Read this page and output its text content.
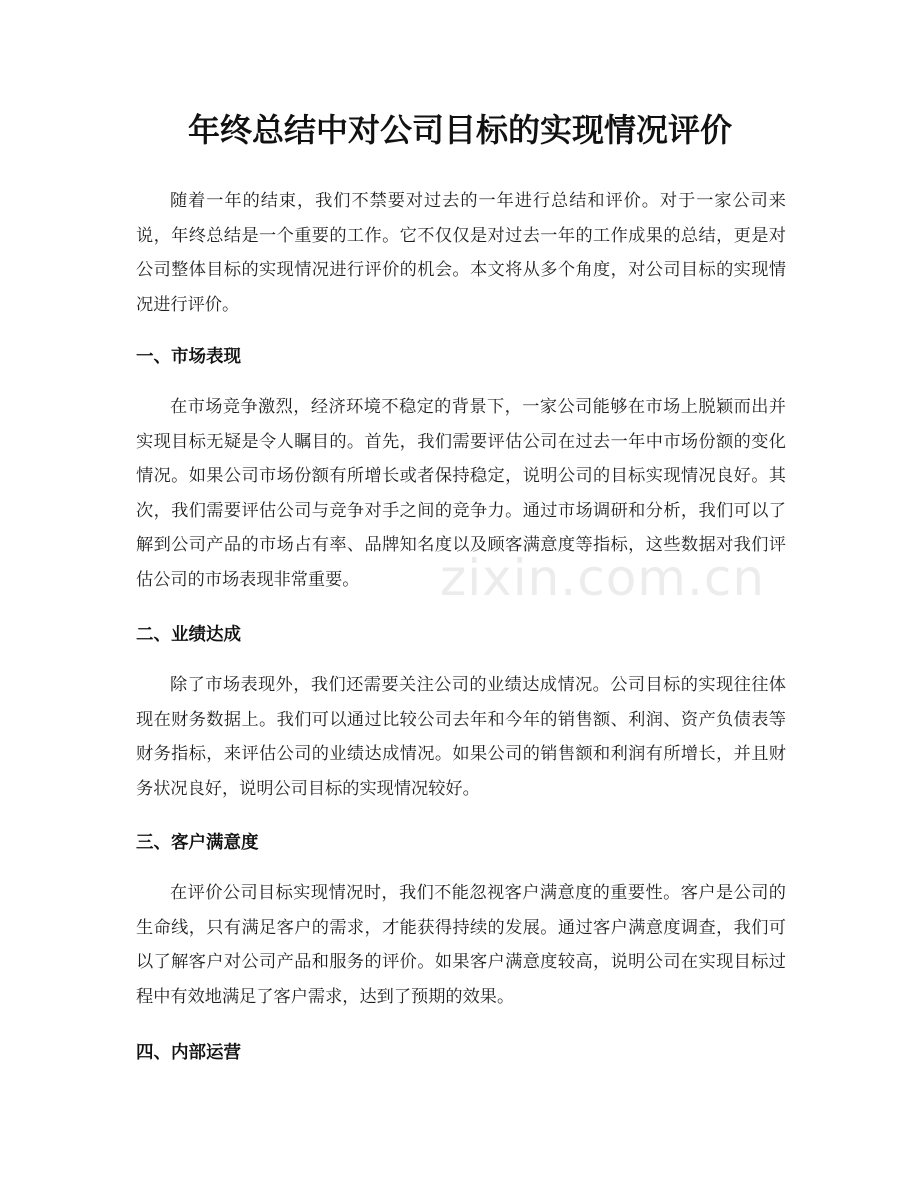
年终总结中对公司目标的实现情况评价

随着一年的结束，我们不禁要对过去的一年进行总结和评价。对于一家公司来说，年终总结是一个重要的工作。它不仅仅是对过去一年的工作成果的总结，更是对公司整体目标的实现情况进行评价的机会。本文将从多个角度，对公司目标的实现情况进行评价。

一、市场表现

在市场竞争激烈，经济环境不稳定的背景下，一家公司能够在市场上脱颖而出并实现目标无疑是令人瞩目的。首先，我们需要评估公司在过去一年中市场份额的变化情况。如果公司市场份额有所增长或者保持稳定，说明公司的目标实现情况良好。其次，我们需要评估公司与竞争对手之间的竞争力。通过市场调研和分析，我们可以了解到公司产品的市场占有率、品牌知名度以及顾客满意度等指标，这些数据对我们评估公司的市场表现非常重要。

二、业绩达成

除了市场表现外，我们还需要关注公司的业绩达成情况。公司目标的实现往往体现在财务数据上。我们可以通过比较公司去年和今年的销售额、利润、资产负债表等财务指标，来评估公司的业绩达成情况。如果公司的销售额和利润有所增长，并且财务状况良好，说明公司目标的实现情况较好。

三、客户满意度

在评价公司目标实现情况时，我们不能忽视客户满意度的重要性。客户是公司的生命线，只有满足客户的需求，才能获得持续的发展。通过客户满意度调查，我们可以了解客户对公司产品和服务的评价。如果客户满意度较高，说明公司在实现目标过程中有效地满足了客户需求，达到了预期的效果。

四、内部运营
zixin.com.cn
